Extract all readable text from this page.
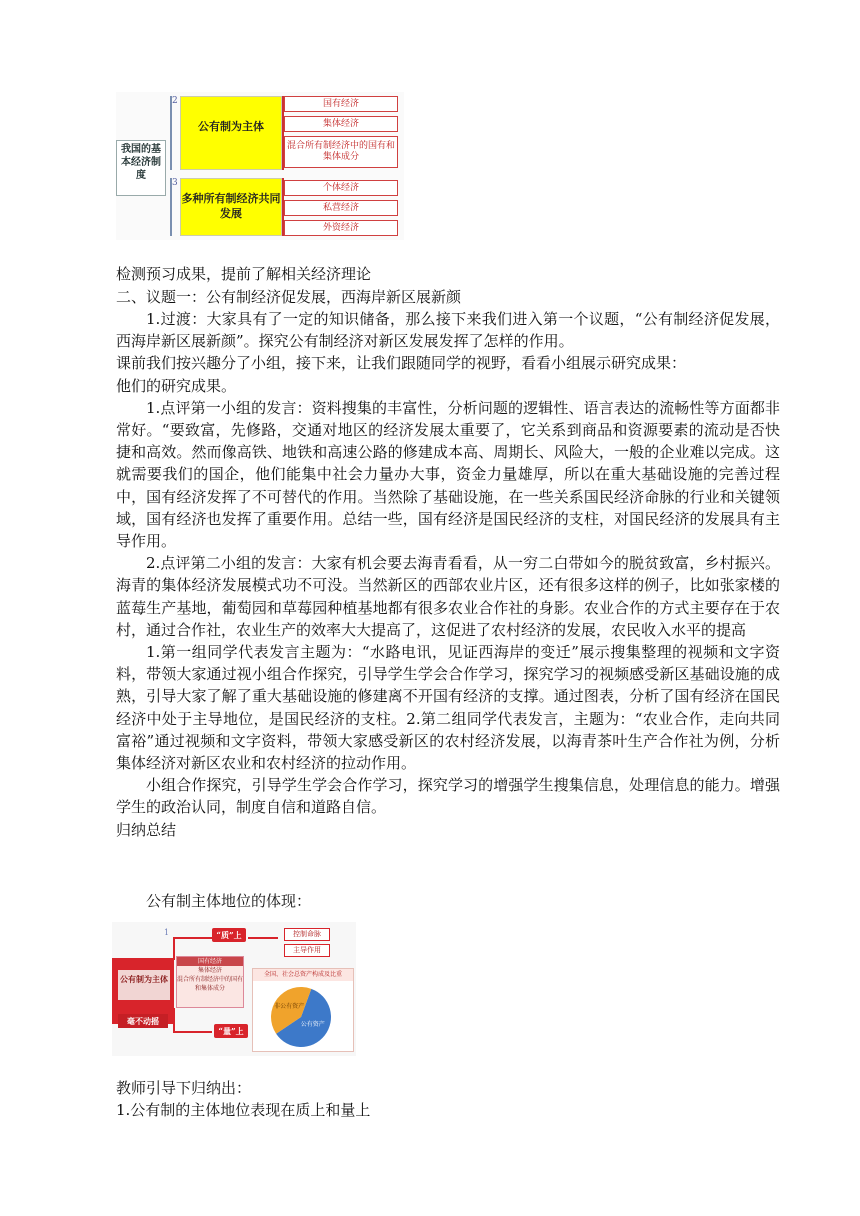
我国的基本经济制度
2
3
公有制为主体
国有经济
集体经济
混合所有制经济中的国有和集体成分
多种所有制经济共同发展
个体经济
私营经济
外资经济

检测预习成果，提前了解相关经济理论

二、议题一：公有制经济促发展，西海岸新区展新颜

1.过渡：大家具有了一定的知识储备，那么接下来我们进入第一个议题，“公有制经济促发展，西海岸新区展新颜”。探究公有制经济对新区发展发挥了怎样的作用。

课前我们按兴趣分了小组，接下来，让我们跟随同学的视野，看看小组展示研究成果：

他们的研究成果。

1.点评第一小组的发言：资料搜集的丰富性，分析问题的逻辑性、语言表达的流畅性等方面都非常好。“要致富，先修路，交通对地区的经济发展太重要了，它关系到商品和资源要素的流动是否快捷和高效。然而像高铁、地铁和高速公路的修建成本高、周期长、风险大，一般的企业难以完成。这就需要我们的国企，他们能集中社会力量办大事，资金力量雄厚，所以在重大基础设施的完善过程中，国有经济发挥了不可替代的作用。当然除了基础设施，在一些关系国民经济命脉的行业和关键领域，国有经济也发挥了重要作用。总结一些，国有经济是国民经济的支柱，对国民经济的发展具有主导作用。

2.点评第二小组的发言：大家有机会要去海青看看，从一穷二白带如今的脱贫致富，乡村振兴。海青的集体经济发展模式功不可没。当然新区的西部农业片区，还有很多这样的例子，比如张家楼的蓝莓生产基地，葡萄园和草莓园种植基地都有很多农业合作社的身影。农业合作的方式主要存在于农村，通过合作社，农业生产的效率大大提高了，这促进了农村经济的发展，农民收入水平的提高

1.第一组同学代表发言主题为：“水路电讯，见证西海岸的变迁”展示搜集整理的视频和文字资料，带领大家通过视小组合作探究，引导学生学会合作学习，探究学习的视频感受新区基础设施的成熟，引导大家了解了重大基础设施的修建离不开国有经济的支撑。通过图表，分析了国有经济在国民经济中处于主导地位，是国民经济的支柱。2.第二组同学代表发言，主题为：“农业合作，走向共同富裕”通过视频和文字资料，带领大家感受新区的农村经济发展，以海青茶叶生产合作社为例，分析集体经济对新区农业和农村经济的拉动作用。

小组合作探究，引导学生学会合作学习，探究学习的增强学生搜集信息，处理信息的能力。增强学生的政治认同，制度自信和道路自信。

归纳总结

公有制主体地位的体现：

教师引导下归纳出：

1.公有制的主体地位表现在质上和量上

1
公有制为主体
毫不动摇
国有经济
集体经济
混合所有制经济中的国有和集体成分
“质”上
“量”上
控制命脉
主导作用
全国、社会总资产构成及比重
公有资产
非公有资产
